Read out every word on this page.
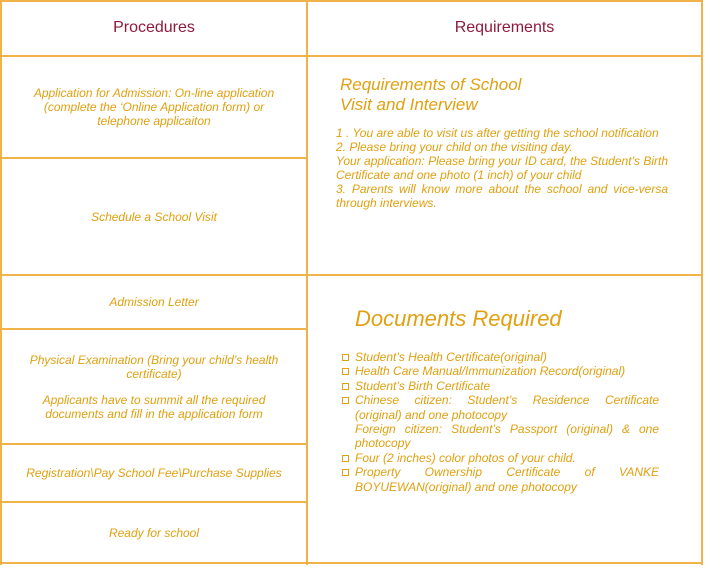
Procedures	Requirements
Application for Admission: On-line application (complete the ‘Online Application form) or telephone applicaiton
Schedule a School Visit
Admission Letter

Physical Examination (Bring your child’s health certificate)

Applicants have to summit all the required documents and fill in the application form

Registration\Pay School Fee\Purchase Supplies
Ready for school
Requirements of School
Visit and Interview
1 . You are able to visit us after getting the school notification
2. Please bring your child on the visiting day.
Your application: Please bring your ID card, the Student’s Birth Certificate and one photo (1 inch) of your child
3. Parents will know more about the school and vice-versa through interviews.
Documents Required
Student’s Health Certificate(original)
Health Care Manual/Immunization Record(original)
Student’s Birth Certificate
Chinese citizen: Student’s Residence Certificate (original) and one photocopy
Foreign citizen: Student’s Passport (original) & one photocopy
Four (2 inches) color photos of your child.
Property Ownership Certificate of VANKE BOYUEWAN(original) and one photocopy
